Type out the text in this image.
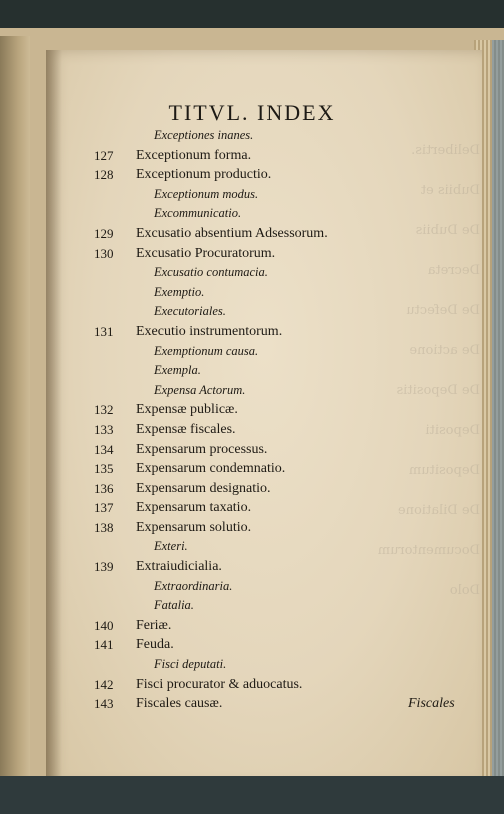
Delibertis.
Dubiis et
De Dubiis
Decreta
De Defectu
De actione
De Depositis
Depositi
Depositum
De Dilatione
Documentorum
Dolo
TITVL. INDEX
Exceptiones inanes.
127	Exceptionum forma.
128	Exceptionum productio.
Exceptionum modus.
Excommunicatio.
129	Excusatio absentium Adsessorum.
130	Excusatio Procuratorum.
Excusatio contumacia.
Exemptio.
Executoriales.
131	Executio instrumentorum.
Exemptionum causa.
Exempla.
Expensa Actorum.
132	Expensæ publicæ.
133	Expensæ fiscales.
134	Expensarum processus.
135	Expensarum condemnatio.
136	Expensarum designatio.
137	Expensarum taxatio.
138	Expensarum solutio.
Exteri.
139	Extraiudicialia.
Extraordinaria.
Fatalia.
140	Feriæ.
141	Feuda.
Fisci deputati.
142	Fisci procurator & aduocatus.
143	Fiscales causæ.	Fiscales
